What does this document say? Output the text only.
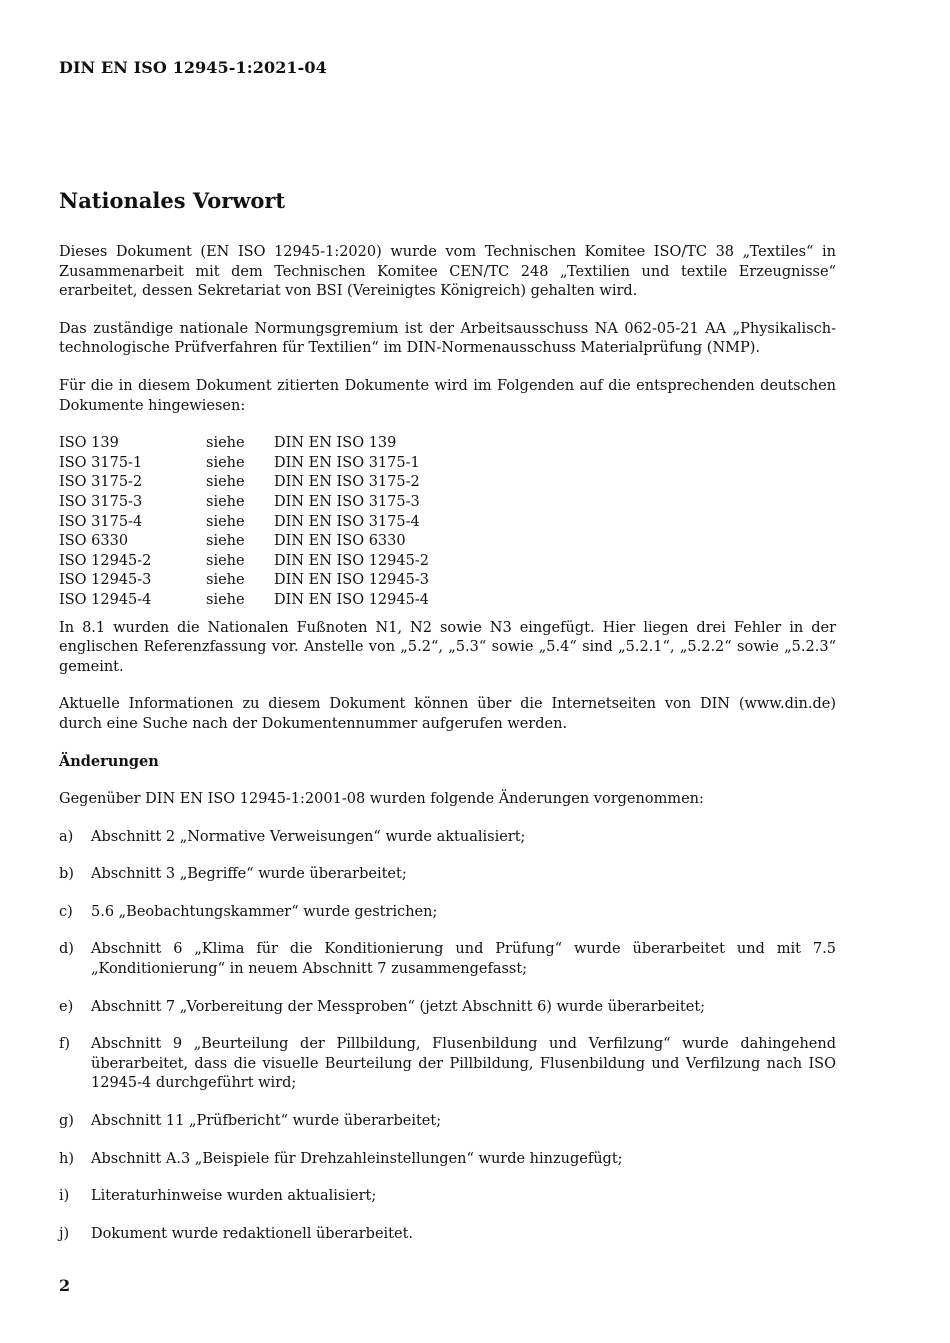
DIN EN ISO 12945-1:2021-04
Nationales Vorwort

Dieses Dokument (EN ISO 12945-1:2020) wurde vom Technischen Komitee ISO/TC 38 „Textiles“ in Zusammenarbeit mit dem Technischen Komitee CEN/TC 248 „Textilien und textile Erzeugnisse“ erarbeitet, dessen Sekretariat von BSI (Vereinigtes Königreich) gehalten wird.

Das zuständige nationale Normungsgremium ist der Arbeitsausschuss NA 062-05-21 AA „Physikalisch-technologische Prüfverfahren für Textilien“ im DIN-Normenausschuss Materialprüfung (NMP).

Für die in diesem Dokument zitierten Dokumente wird im Folgenden auf die entsprechenden deutschen Dokumente hingewiesen:

ISO 139	siehe	DIN EN ISO 139
ISO 3175-1	siehe	DIN EN ISO 3175-1
ISO 3175-2	siehe	DIN EN ISO 3175-2
ISO 3175-3	siehe	DIN EN ISO 3175-3
ISO 3175-4	siehe	DIN EN ISO 3175-4
ISO 6330	siehe	DIN EN ISO 6330
ISO 12945-2	siehe	DIN EN ISO 12945-2
ISO 12945-3	siehe	DIN EN ISO 12945-3
ISO 12945-4	siehe	DIN EN ISO 12945-4

In 8.1 wurden die Nationalen Fußnoten N1, N2 sowie N3 eingefügt. Hier liegen drei Fehler in der englischen Referenzfassung vor. Anstelle von „5.2“, „5.3“ sowie „5.4“ sind „5.2.1“, „5.2.2“ sowie „5.2.3“ gemeint.

Aktuelle Informationen zu diesem Dokument können über die Internetseiten von DIN (www.din.de) durch eine Suche nach der Dokumentennummer aufgerufen werden.

Änderungen

Gegenüber DIN EN ISO 12945-1:2001-08 wurden folgende Änderungen vorgenommen:

a)	Abschnitt 2 „Normative Verweisungen“ wurde aktualisiert;
b)	Abschnitt 3 „Begriffe“ wurde überarbeitet;
c)	5.6 „Beobachtungskammer“ wurde gestrichen;
d)	Abschnitt 6 „Klima für die Konditionierung und Prüfung“ wurde überarbeitet und mit 7.5 „Konditionierung“ in neuem Abschnitt 7 zusammengefasst;
e)	Abschnitt 7 „Vorbereitung der Messproben“ (jetzt Abschnitt 6) wurde überarbeitet;
f)	Abschnitt 9 „Beurteilung der Pillbildung, Flusenbildung und Verfilzung“ wurde dahingehend überarbeitet, dass die visuelle Beurteilung der Pillbildung, Flusenbildung und Verfilzung nach ISO 12945-4 durchgeführt wird;
g)	Abschnitt 11 „Prüfbericht“ wurde überarbeitet;
h)	Abschnitt A.3 „Beispiele für Drehzahleinstellungen“ wurde hinzugefügt;
i)	Literaturhinweise wurden aktualisiert;
j)	Dokument wurde redaktionell überarbeitet.
2
